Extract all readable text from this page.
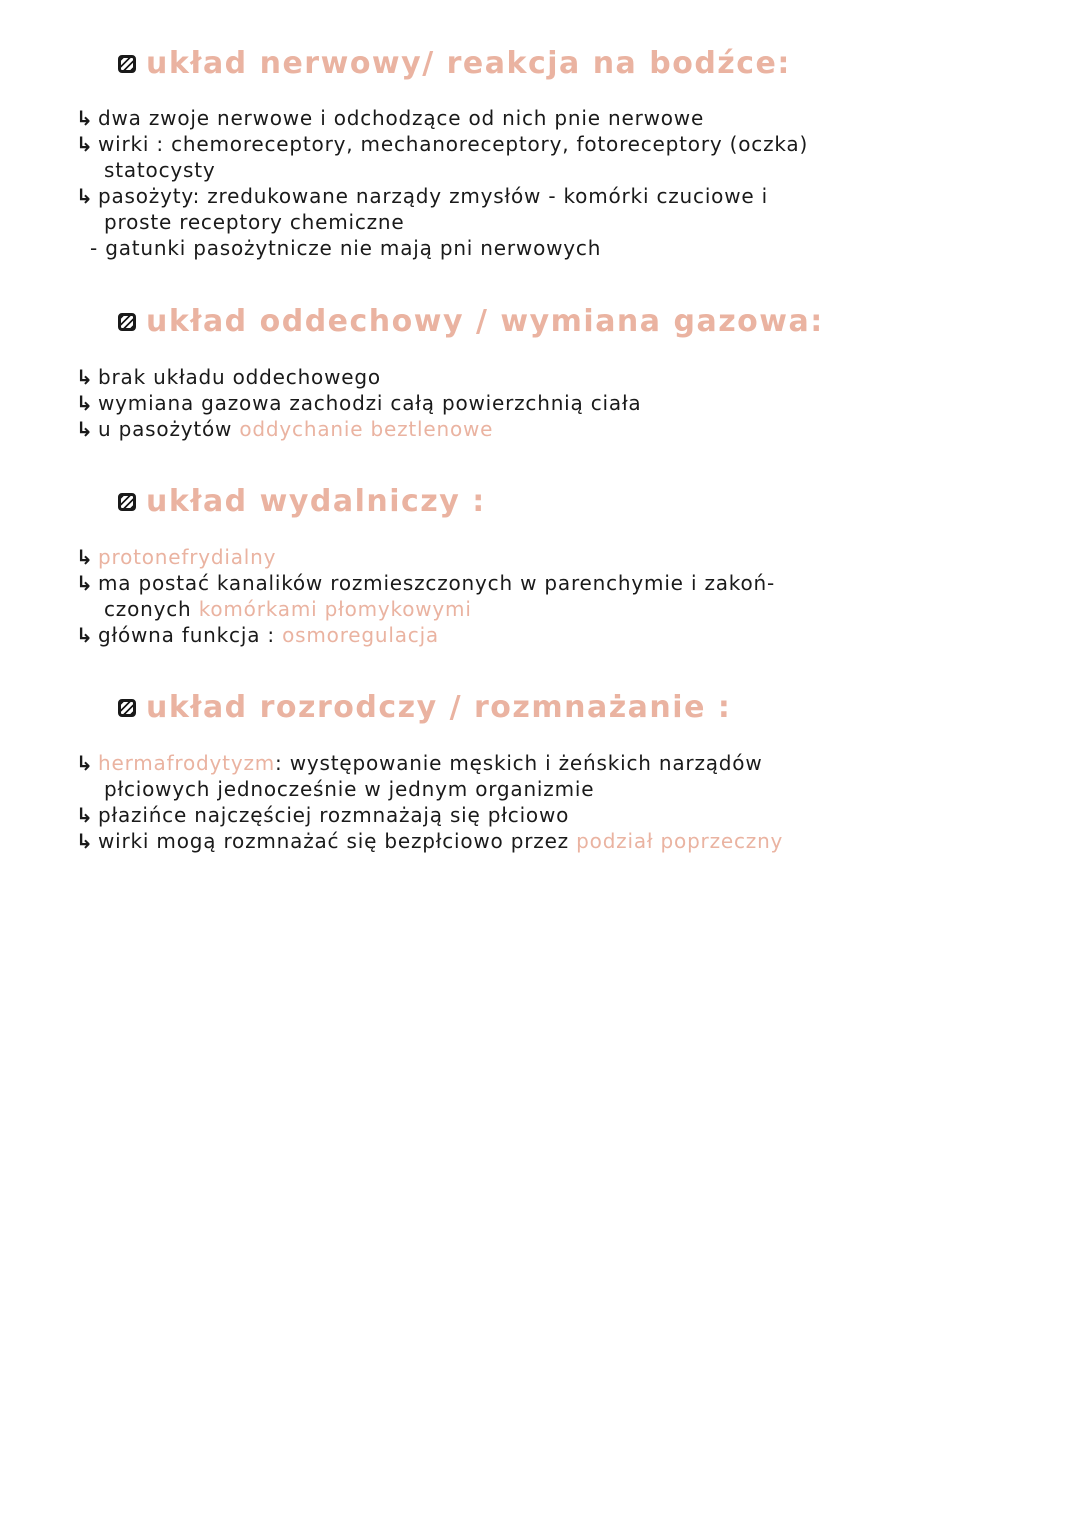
układ nerwowy/ reakcja na bodźce:
↳ dwa zwoje nerwowe i odchodzące od nich pnie nerwowe
↳ wirki : chemoreceptory, mechanoreceptory, fotoreceptory (oczka)
statocysty
↳ pasożyty: zredukowane narządy zmysłów - komórki czuciowe i
proste receptory chemiczne
- gatunki pasożytnicze nie mają pni nerwowych
układ oddechowy / wymiana gazowa:
↳ brak układu oddechowego
↳ wymiana gazowa zachodzi całą powierzchnią ciała
↳ u pasożytów oddychanie beztlenowe
układ wydalniczy :
↳ protonefrydialny
↳ ma postać kanalików rozmieszczonych w parenchymie i zakoń-
czonych komórkami płomykowymi
↳ główna funkcja : osmoregulacja
układ rozrodczy / rozmnażanie :
↳ hermafrodytyzm: występowanie męskich i żeńskich narządów
płciowych jednocześnie w jednym organizmie
↳ płazińce najczęściej rozmnażają się płciowo
↳ wirki mogą rozmnażać się bezpłciowo przez podział poprzeczny
